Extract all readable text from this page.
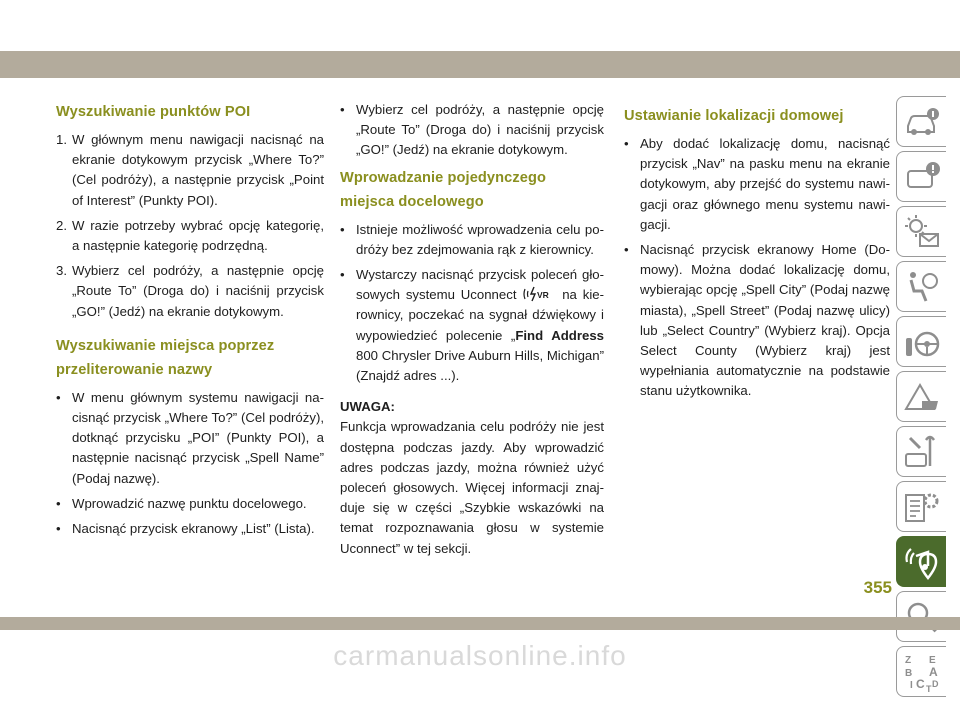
Wyszukiwanie punktów POI
1. W głównym menu nawigacji nacisnąć na ekranie dotykowym przycisk „Where To?” (Cel podróży), a następnie przycisk „Point of Interest” (Punkty POI).
2. W razie potrzeby wybrać opcję kategorię, a następnie kategorię podrzędną.
3. Wybierz cel podróży, a następnie opcję „Route To” (Droga do) i naciśnij przycisk „GO!” (Jedź) na ekranie dotykowym.
Wyszukiwanie miejsca poprzez przeliterowanie nazwy
• W menu głównym systemu nawigacji nacisnąć przycisk „Where To?” (Cel podróży), dotknąć przycisku „POI” (Punkty POI), a następnie nacisnąć przycisk „Spell Name” (Podaj nazwę).
• Wprowadzić nazwę punktu docelowego.
• Nacisnąć przycisk ekranowy „List” (Lista).
• Wybierz cel podróży, a następnie opcję „Route To” (Droga do) i naciśnij przycisk „GO!” (Jedź) na ekranie dotykowym.
Wprowadzanie pojedynczego miejsca docelowego
• Istnieje możliwość wprowadzenia celu podróży bez zdejmowania rąk z kierownicy.
• Wystarczy nacisnąć przycisk poleceń głosowych systemu Uconnect VR na kierownicy, poczekać na sygnał dźwiękowy i wypowiedzieć polecenie „Find Address 800 Chrysler Drive Auburn Hills, Michigan” (Znajdź adres ...).

UWAGA:

Funkcja wprowadzania celu podróży nie jest dostępna podczas jazdy. Aby wprowadzić adres podczas jazdy, można również użyć poleceń głosowych. Więcej informacji znajduje się w części „Szybkie wskazówki na temat rozpoznawania głosu w systemie Uconnect” w tej sekcji.

Ustawianie lokalizacji domowej
• Aby dodać lokalizację domu, nacisnąć przycisk „Nav” na pasku menu na ekranie dotykowym, aby przejść do systemu nawigacji oraz głównego menu systemu nawigacji.
• Nacisnąć przycisk ekranowy Home (Domowy). Można dodać lokalizację domu, wybierając opcję „Spell City” (Podaj nazwę miasta), „Spell Street” (Podaj nazwę ulicy) lub „Select Country” (Wybierz kraj). Opcja Select County (Wybierz kraj) jest wypełniania automatycznie na podstawie stanu użytkownika.
Z E
B A
C D
T
I
355
carmanualsonline.info
